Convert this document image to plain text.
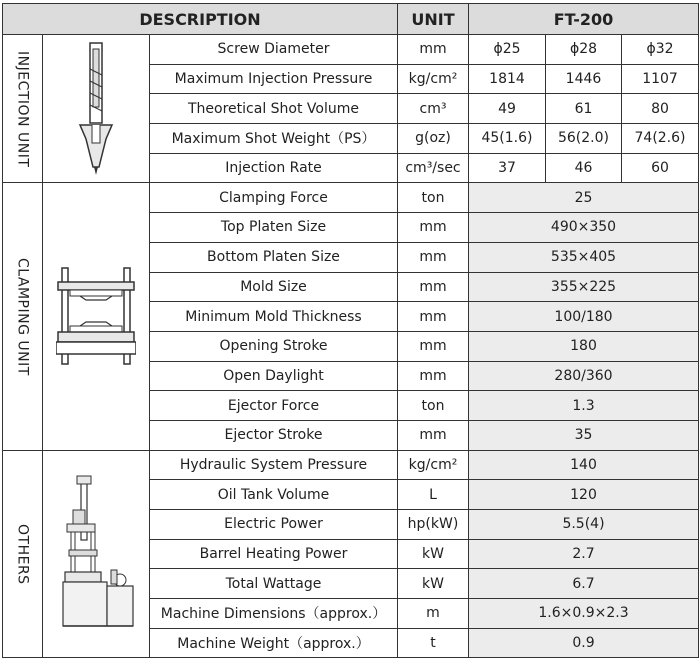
DESCRIPTION			UNIT	FT-200		
INJECTION UNIT		Screw Diameter	mm	ϕ25	ϕ28	ϕ32
		Maximum Injection Pressure	kg/cm²	1814	1446	1107
		Theoretical Shot Volume	cm³	49	61	80
		Maximum Shot Weight（PS）	g(oz)	45(1.6)	56(2.0)	74(2.6)
		Injection Rate	cm³/sec	37	46	60
CLAMPING UNIT		Clamping Force	ton	25		
		Top Platen Size	mm	490×350		
		Bottom Platen Size	mm	535×405		
		Mold Size	mm	355×225		
		Minimum Mold Thickness	mm	100/180		
		Opening Stroke	mm	180		
		Open Daylight	mm	280/360		
		Ejector Force	ton	1.3		
		Ejector Stroke	mm	35		
OTHERS		Hydraulic System Pressure	kg/cm²	140		
		Oil Tank Volume	L	120		
		Electric Power	hp(kW)	5.5(4)		
		Barrel Heating Power	kW	2.7		
		Total Wattage	kW	6.7		
		Machine Dimensions（approx.）	m	1.6×0.9×2.3		
		Machine Weight（approx.）	t	0.9		
